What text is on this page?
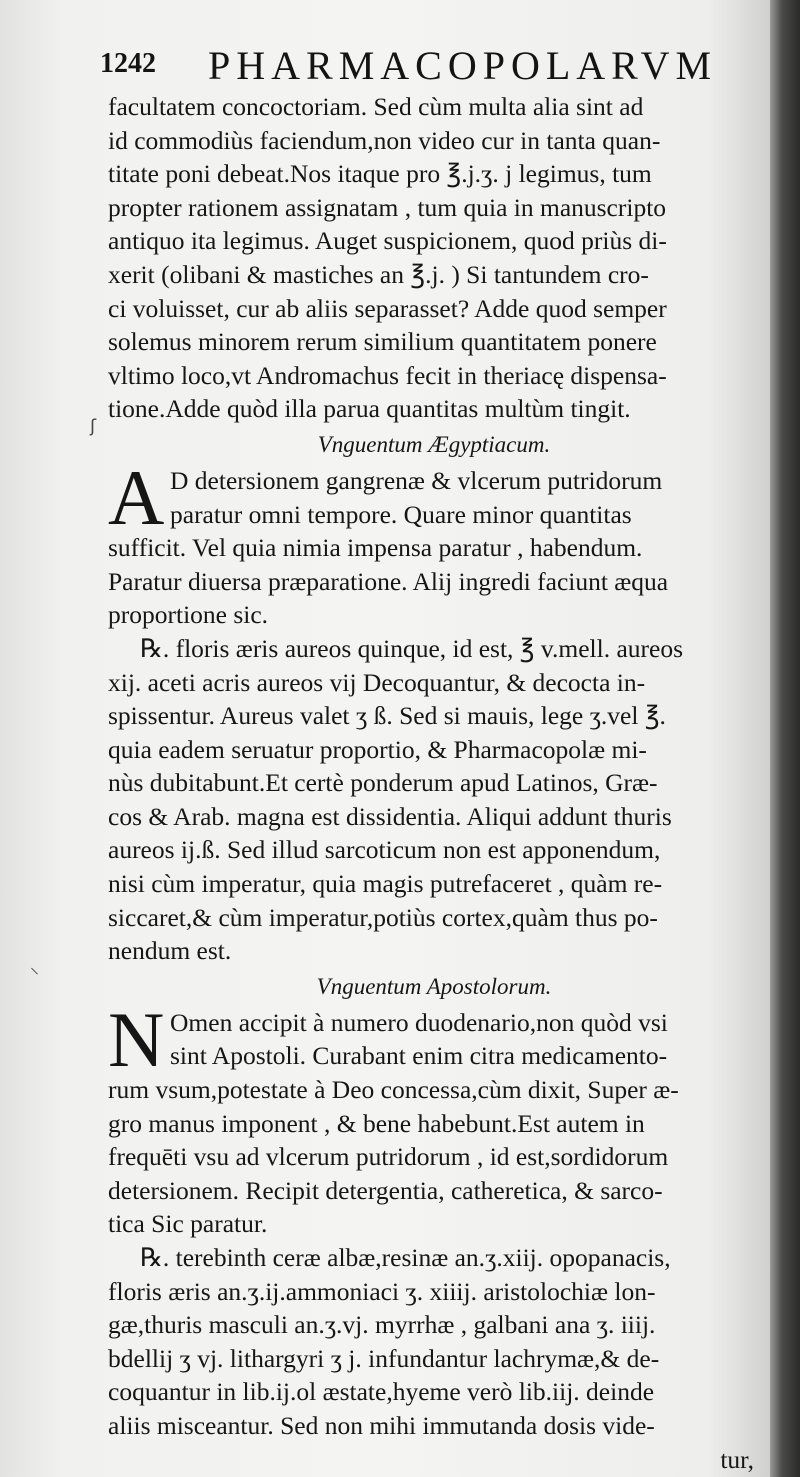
1242 PHARMACOPOLARVM
ʃ
⸜
facultatem concoctoriam. Sed cùm multa alia sint ad
id commodiùs faciendum,non video cur in tanta quan-
titate poni debeat.Nos itaque pro ℥.j.ʒ. j legimus, tum
propter rationem assignatam , tum quia in manuscripto
antiquo ita legimus. Auget suspicionem, quod priùs di-
xerit (olibani & mastiches an ℥.j. ) Si tantundem cro-
ci voluisset, cur ab aliis separasset? Adde quod semper
solemus minorem rerum similium quantitatem ponere
vltimo loco,vt Andromachus fecit in theriacę dispensa-
tione.Adde quòd illa parua quantitas multùm tingit.
Vnguentum Ægyptiacum.
A D detersionem gangrenæ & vlcerum putridorum
paratur omni tempore. Quare minor quantitas
sufficit. Vel quia nimia impensa paratur , habendum.
Paratur diuersa præparatione. Alij ingredi faciunt æqua
proportione sic.
℞. floris æris aureos quinque, id est, ℥ v.mell. aureos
xij. aceti acris aureos vij Decoquantur, & decocta in-
spissentur. Aureus valet ʒ ß. Sed si mauis, lege ʒ.vel ℥.
quia eadem seruatur proportio, & Pharmacopolæ mi-
nùs dubitabunt.Et certè ponderum apud Latinos, Græ-
cos & Arab. magna est dissidentia. Aliqui addunt thuris
aureos ij.ß. Sed illud sarcoticum non est apponendum,
nisi cùm imperatur, quia magis putrefaceret , quàm re-
siccaret,& cùm imperatur,potiùs cortex,quàm thus po-
nendum est.
Vnguentum Apostolorum.
N Omen accipit à numero duodenario,non quòd vsi
sint Apostoli. Curabant enim citra medicamento-
rum vsum,potestate à Deo concessa,cùm dixit, Super æ-
gro manus imponent , & bene habebunt.Est autem in
frequēti vsu ad vlcerum putridorum , id est,sordidorum
detersionem. Recipit detergentia, catheretica, & sarco-
tica Sic paratur.
℞. terebinth ceræ albæ,resinæ an.ʒ.xiij. opopanacis,
floris æris an.ʒ.ij.ammoniaci ʒ. xiiij. aristolochiæ lon-
gæ,thuris masculi an.ʒ.vj. myrrhæ , galbani ana ʒ. iiij.
bdellij ʒ vj. lithargyri ʒ j. infundantur lachrymæ,& de-
coquantur in lib.ij.ol æstate,hyeme verò lib.iij. deinde
aliis misceantur. Sed non mihi immutanda dosis vide-
tur,
